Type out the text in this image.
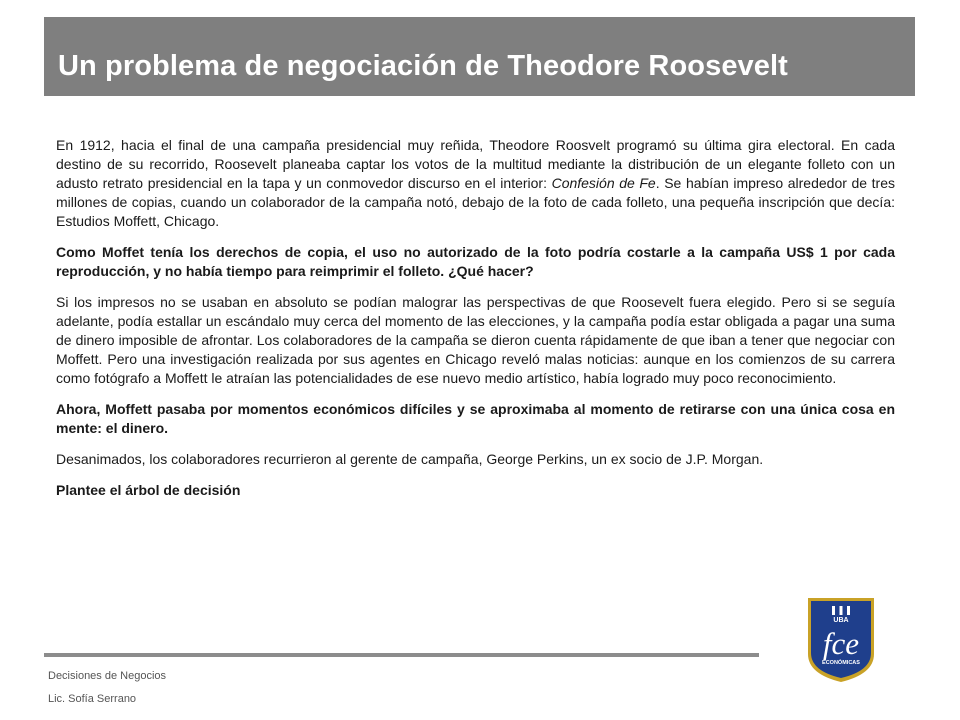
Un problema de negociación de Theodore Roosevelt

En 1912, hacia el final de una campaña presidencial muy reñida, Theodore Roosvelt programó su última gira electoral. En cada destino de su recorrido, Roosevelt planeaba captar los votos de la multitud mediante la distribución de un elegante folleto con un adusto retrato presidencial en la tapa y un conmovedor discurso en el interior: Confesión de Fe. Se habían impreso alrededor de tres millones de copias, cuando un colaborador de la campaña notó, debajo de la foto de cada folleto, una pequeña inscripción que decía: Estudios Moffett, Chicago.

Como Moffet tenía los derechos de copia, el uso no autorizado de la foto podría costarle a la campaña US$ 1 por cada reproducción, y no había tiempo para reimprimir el folleto. ¿Qué hacer?

Si los impresos no se usaban en absoluto se podían malograr las perspectivas de que Roosevelt fuera elegido. Pero si se seguía adelante, podía estallar un escándalo muy cerca del momento de las elecciones, y la campaña podía estar obligada a pagar una suma de dinero imposible de afrontar. Los colaboradores de la campaña se dieron cuenta rápidamente de que iban a tener que negociar con Moffett. Pero una investigación realizada por sus agentes en Chicago reveló malas noticias: aunque en los comienzos de su carrera como fotógrafo a Moffett le atraían las potencialidades de ese nuevo medio artístico, había logrado muy poco reconocimiento.

Ahora, Moffett pasaba por momentos económicos difíciles y se aproximaba al momento de retirarse con una única cosa en mente: el dinero.

Desanimados, los colaboradores recurrieron al gerente de campaña, George Perkins, un ex socio de J.P. Morgan.

Plantee el árbol de decisión

Decisiones de Negocios
Lic. Sofía Serrano
UBA
fce
ECONÓMICAS
